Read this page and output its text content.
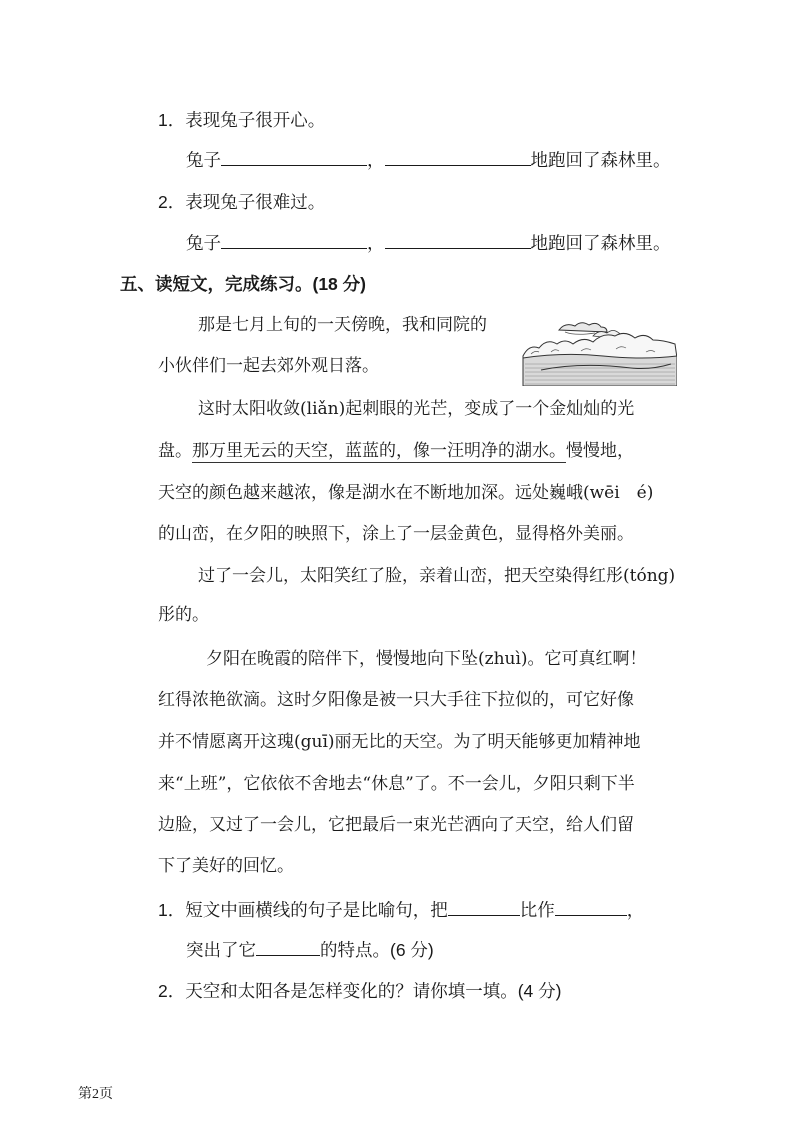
1．表现兔子很开心。
兔子	，	地跑回了森林里。
2．表现兔子很难过。
兔子	，	地跑回了森林里。
五、读短文，完成练习。(18 分)
那是七月上旬的一天傍晚，我和同院的
小伙伴们一起去郊外观日落。
这时太阳收敛(liǎn)起刺眼的光芒，变成了一个金灿灿的光
盘。那万里无云的天空，蓝蓝的，像一汪明净的湖水。慢慢地，
天空的颜色越来越浓，像是湖水在不断地加深。远处巍峨(wēi　é)
的山峦，在夕阳的映照下，涂上了一层金黄色，显得格外美丽。
过了一会儿，太阳笑红了脸，亲着山峦，把天空染得红彤(tóng)
彤的。
夕阳在晚霞的陪伴下，慢慢地向下坠(zhuì)。它可真红啊！
红得浓艳欲滴。这时夕阳像是被一只大手往下拉似的，可它好像
并不情愿离开这瑰(guī)丽无比的天空。为了明天能够更加精神地
来“上班”，它依依不舍地去“休息”了。不一会儿，夕阳只剩下半
边脸，又过了一会儿，它把最后一束光芒洒向了天空，给人们留
下了美好的回忆。
1．短文中画横线的句子是比喻句，把	比作	，
突出了它	的特点。(6 分)
2．天空和太阳各是怎样变化的？请你填一填。(4 分)
第2页
